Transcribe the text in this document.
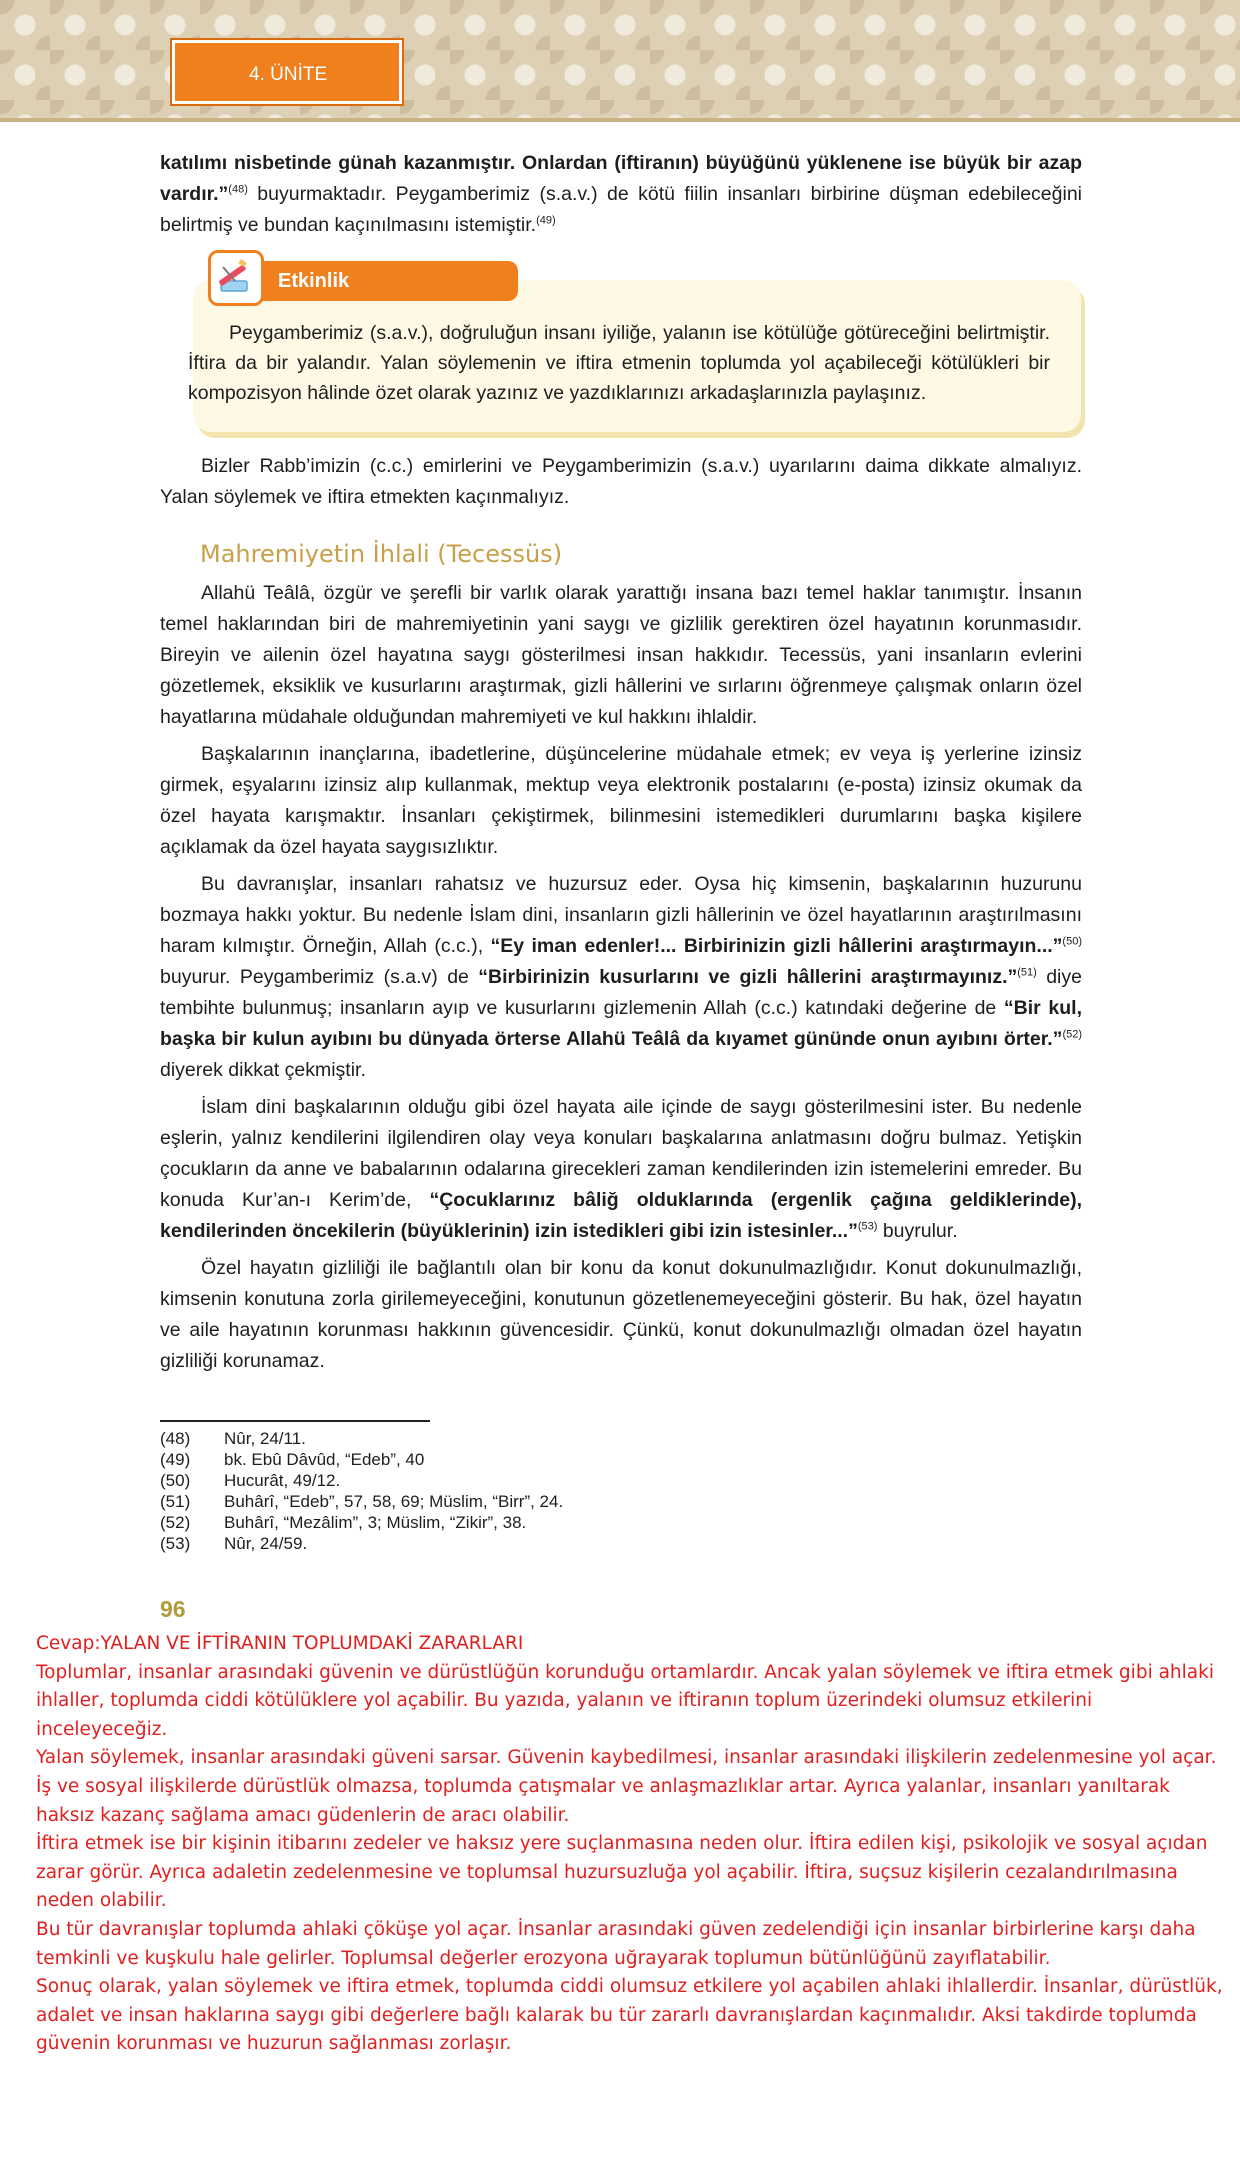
4. ÜNİTE

katılımı nisbetinde günah kazanmıştır. Onlardan (iftiranın) büyüğünü yüklenene ise büyük bir azap vardır.”$^{(48)}$ buyurmaktadır. Peygamberimiz (s.a.v.) de kötü fiilin insanları birbirine düşman edebileceğini belirtmiş ve bundan kaçınılmasını istemiştir.$^{(49)}$

Etkinlik

Peygamberimiz (s.a.v.), doğruluğun insanı iyiliğe, yalanın ise kötülüğe götüreceğini belirtmiştir. İftira da bir yalandır. Yalan söylemenin ve iftira etmenin toplumda yol açabileceği kötülükleri bir kompozisyon hâlinde özet olarak yazınız ve yazdıklarınızı arkadaşlarınızla paylaşınız.

Bizler Rabb’imizin (c.c.) emirlerini ve Peygamberimizin (s.a.v.) uyarılarını daima dikkate almalıyız. Yalan söylemek ve iftira etmekten kaçınmalıyız.

Mahremiyetin İhlali (Tecessüs)

Allahü Teâlâ, özgür ve şerefli bir varlık olarak yarattığı insana bazı temel haklar tanımıştır. İnsanın temel haklarından biri de mahremiyetinin yani saygı ve gizlilik gerektiren özel hayatının korunmasıdır. Bireyin ve ailenin özel hayatına saygı gösterilmesi insan hakkıdır. Tecessüs, yani insanların evlerini gözetlemek, eksiklik ve kusurlarını araştırmak, gizli hâllerini ve sırlarını öğrenmeye çalışmak onların özel hayatlarına müdahale olduğundan mahremiyeti ve kul hakkını ihlaldir.

Başkalarının inançlarına, ibadetlerine, düşüncelerine müdahale etmek; ev veya iş yerlerine izinsiz girmek, eşyalarını izinsiz alıp kullanmak, mektup veya elektronik postalarını (e-posta) izinsiz okumak da özel hayata karışmaktır. İnsanları çekiştirmek, bilinmesini istemedikleri durumlarını başka kişilere açıklamak da özel hayata saygısızlıktır.

Bu davranışlar, insanları rahatsız ve huzursuz eder. Oysa hiç kimsenin, başkalarının huzurunu bozmaya hakkı yoktur. Bu nedenle İslam dini, insanların gizli hâllerinin ve özel hayatlarının araştırılmasını haram kılmıştır. Örneğin, Allah (c.c.), “Ey iman edenler!... Birbirinizin gizli hâllerini araştırmayın...”$^{(50)}$ buyurur. Peygamberimiz (s.a.v) de “Birbirinizin kusurlarını ve gizli hâllerini araştırmayınız.”$^{(51)}$ diye tembihte bulunmuş; insanların ayıp ve kusurlarını gizlemenin Allah (c.c.) katındaki değerine de “Bir kul, başka bir kulun ayıbını bu dünyada örterse Allahü Teâlâ da kıyamet gününde onun ayıbını örter.”$^{(52)}$ diyerek dikkat çekmiştir.

İslam dini başkalarının olduğu gibi özel hayata aile içinde de saygı gösterilmesini ister. Bu nedenle eşlerin, yalnız kendilerini ilgilendiren olay veya konuları başkalarına anlatmasını doğru bulmaz. Yetişkin çocukların da anne ve babalarının odalarına girecekleri zaman kendilerinden izin istemelerini emreder. Bu konuda Kur’an-ı Kerim’de, “Çocuklarınız bâliğ olduklarında (ergenlik çağına geldiklerinde), kendilerinden öncekilerin (büyüklerinin) izin istedikleri gibi izin istesinler...”$^{(53)}$ buyrulur.

Özel hayatın gizliliği ile bağlantılı olan bir konu da konut dokunulmazlığıdır. Konut dokunulmazlığı, kimsenin konutuna zorla girilemeyeceğini, konutunun gözetlenemeyeceğini gösterir. Bu hak, özel hayatın ve aile hayatının korunması hakkının güvencesidir. Çünkü, konut dokunulmazlığı olmadan özel hayatın gizliliği korunamaz.

(48)	Nûr, 24/11.
(49)	bk. Ebû Dâvûd, “Edeb”, 40
(50)	Hucurât, 49/12.
(51)	Buhârî, “Edeb”, 57, 58, 69; Müslim, “Birr”, 24.
(52)	Buhârî, “Mezâlim”, 3; Müslim, “Zikir”, 38.
(53)	Nûr, 24/59.
96

Cevap:YALAN VE İFTİRANIN TOPLUMDAKİ ZARARLARI

Toplumlar, insanlar arasındaki güvenin ve dürüstlüğün korunduğu ortamlardır. Ancak yalan söylemek ve iftira etmek gibi ahlaki ihlaller, toplumda ciddi kötülüklere yol açabilir. Bu yazıda, yalanın ve iftiranın toplum üzerindeki olumsuz etkilerini inceleyeceğiz.

Yalan söylemek, insanlar arasındaki güveni sarsar. Güvenin kaybedilmesi, insanlar arasındaki ilişkilerin zedelenmesine yol açar. İş ve sosyal ilişkilerde dürüstlük olmazsa, toplumda çatışmalar ve anlaşmazlıklar artar. Ayrıca yalanlar, insanları yanıltarak haksız kazanç sağlama amacı güdenlerin de aracı olabilir.

İftira etmek ise bir kişinin itibarını zedeler ve haksız yere suçlanmasına neden olur. İftira edilen kişi, psikolojik ve sosyal açıdan zarar görür. Ayrıca adaletin zedelenmesine ve toplumsal huzursuzluğa yol açabilir. İftira, suçsuz kişilerin cezalandırılmasına neden olabilir.

Bu tür davranışlar toplumda ahlaki çöküşe yol açar. İnsanlar arasındaki güven zedelendiği için insanlar birbirlerine karşı daha temkinli ve kuşkulu hale gelirler. Toplumsal değerler erozyona uğrayarak toplumun bütünlüğünü zayıflatabilir.

Sonuç olarak, yalan söylemek ve iftira etmek, toplumda ciddi olumsuz etkilere yol açabilen ahlaki ihlallerdir. İnsanlar, dürüstlük, adalet ve insan haklarına saygı gibi değerlere bağlı kalarak bu tür zararlı davranışlardan kaçınmalıdır. Aksi takdirde toplumda güvenin korunması ve huzurun sağlanması zorlaşır.
